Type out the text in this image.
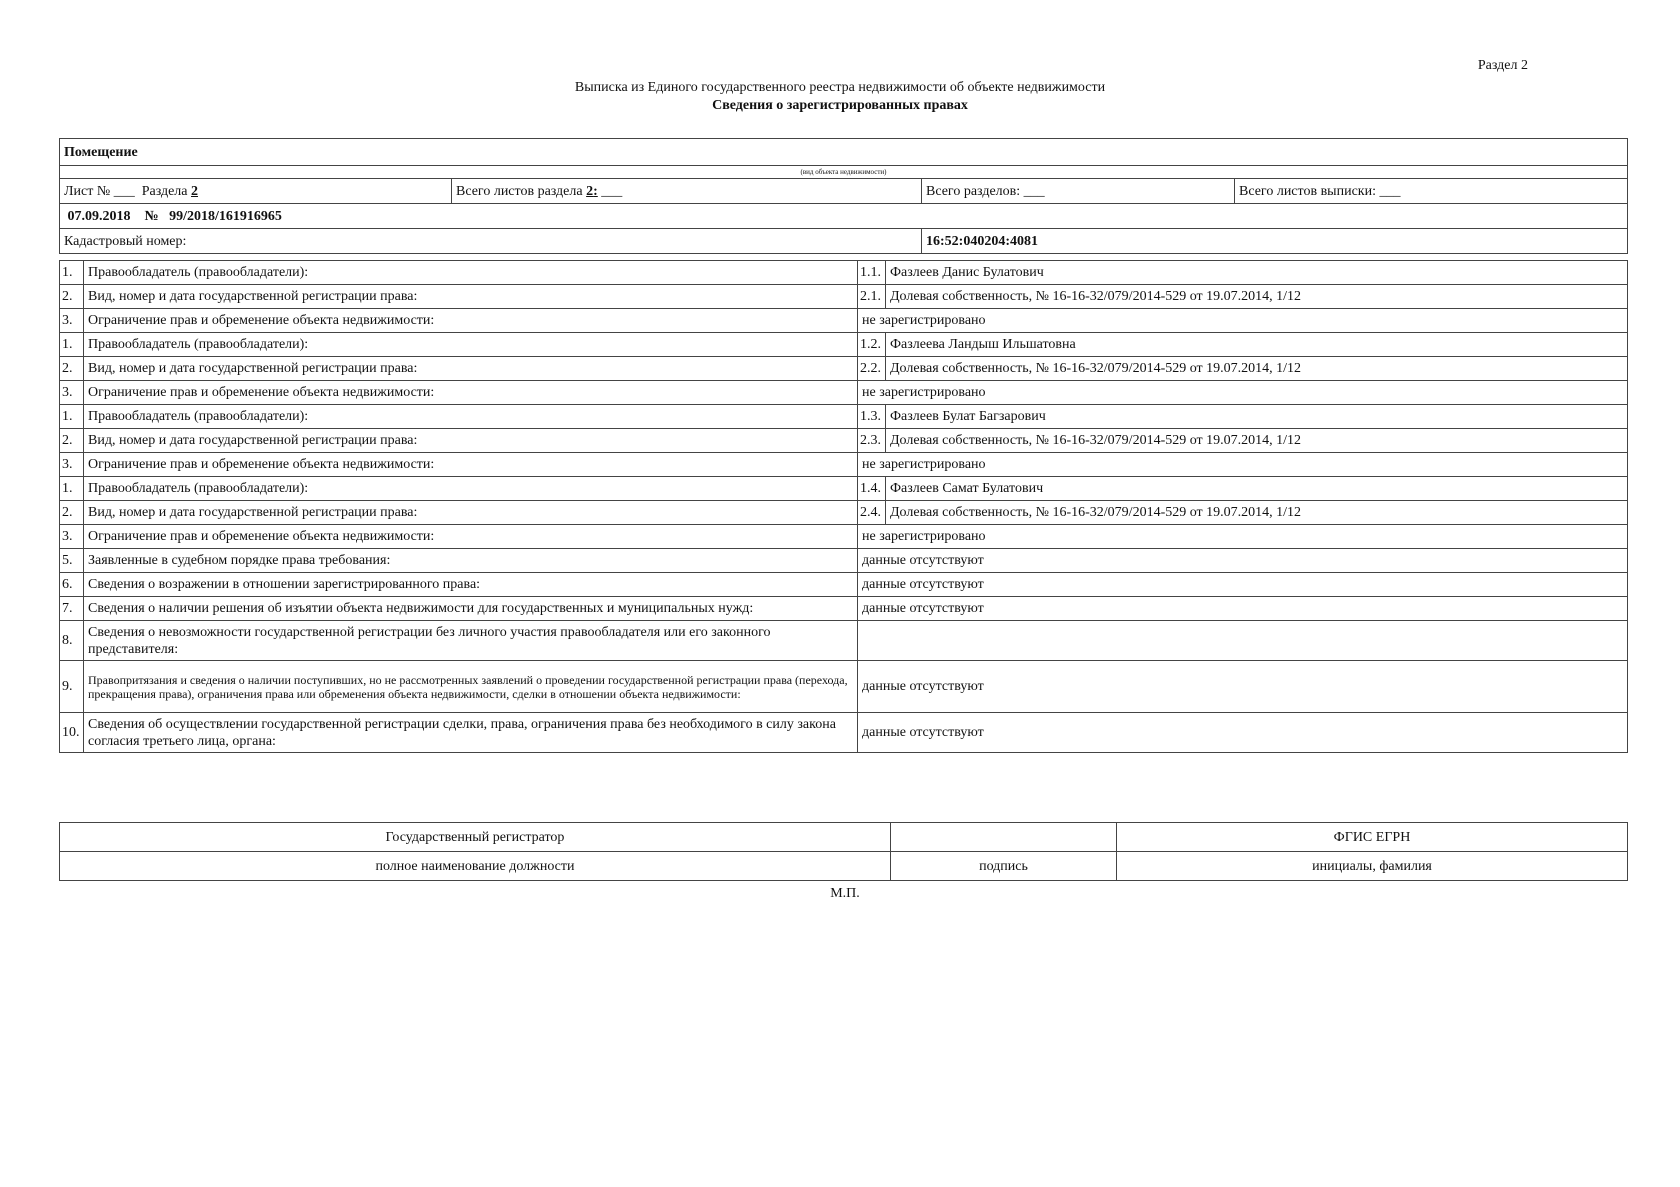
Раздел 2
Выписка из Единого государственного реестра недвижимости об объекте недвижимости
Сведения о зарегистрированных правах
Помещение			
(вид объекта недвижимости)			
Лист № ___ Раздела 2	Всего листов раздела 2: ___	Всего разделов: ___	Всего листов выписки: ___
07.09.2018 № 99/2018/161916965			
Кадастровый номер:		16:52:040204:4081	
1.	Правообладатель (правообладатели):	1.1.	Фазлеев Данис Булатович
2.	Вид, номер и дата государственной регистрации права:	2.1.	Долевая собственность, № 16-16-32/079/2014-529 от 19.07.2014, 1/12
3.	Ограничение прав и обременение объекта недвижимости:	не зарегистрировано	
1.	Правообладатель (правообладатели):	1.2.	Фазлеева Ландыш Ильшатовна
2.	Вид, номер и дата государственной регистрации права:	2.2.	Долевая собственность, № 16-16-32/079/2014-529 от 19.07.2014, 1/12
3.	Ограничение прав и обременение объекта недвижимости:	не зарегистрировано	
1.	Правообладатель (правообладатели):	1.3.	Фазлеев Булат Багзарович
2.	Вид, номер и дата государственной регистрации права:	2.3.	Долевая собственность, № 16-16-32/079/2014-529 от 19.07.2014, 1/12
3.	Ограничение прав и обременение объекта недвижимости:	не зарегистрировано	
1.	Правообладатель (правообладатели):	1.4.	Фазлеев Самат Булатович
2.	Вид, номер и дата государственной регистрации права:	2.4.	Долевая собственность, № 16-16-32/079/2014-529 от 19.07.2014, 1/12
3.	Ограничение прав и обременение объекта недвижимости:	не зарегистрировано	
5.	Заявленные в судебном порядке права требования:	данные отсутствуют	
6.	Сведения о возражении в отношении зарегистрированного права:	данные отсутствуют	
7.	Сведения о наличии решения об изъятии объекта недвижимости для государственных и муниципальных нужд:	данные отсутствуют	
8.	Сведения о невозможности государственной регистрации без личного участия правообладателя или его законного представителя:		
9.	Правопритязания и сведения о наличии поступивших, но не рассмотренных заявлений о проведении государственной регистрации права (перехода, прекращения права), ограничения права или обременения объекта недвижимости, сделки в отношении объекта недвижимости:	данные отсутствуют	
10.	Сведения об осуществлении государственной регистрации сделки, права, ограничения права без необходимого в силу закона согласия третьего лица, органа:	данные отсутствуют	
Государственный регистратор		ФГИС ЕГРН
полное наименование должности	подпись	инициалы, фамилия
М.П.
